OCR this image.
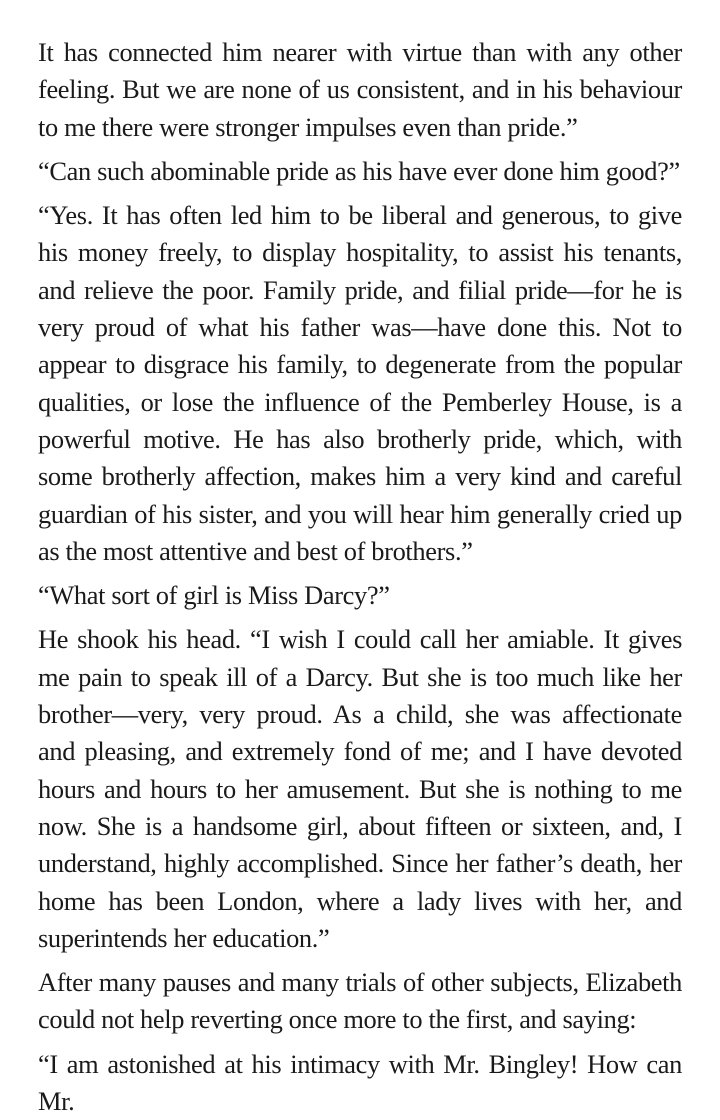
It has connected him nearer with virtue than with any other feeling. But we are none of us consistent, and in his behaviour to me there were stronger impulses even than pride.”

“Can such abominable pride as his have ever done him good?”

“Yes. It has often led him to be liberal and generous, to give his money freely, to display hospitality, to assist his tenants, and relieve the poor. Family pride, and filial pride—for he is very proud of what his father was—have done this. Not to appear to disgrace his family, to degenerate from the popular qualities, or lose the influence of the Pemberley House, is a powerful motive. He has also brotherly pride, which, with some brotherly affection, makes him a very kind and careful guardian of his sister, and you will hear him generally cried up as the most attentive and best of brothers.”

“What sort of girl is Miss Darcy?”

He shook his head. “I wish I could call her amiable. It gives me pain to speak ill of a Darcy. But she is too much like her brother—very, very proud. As a child, she was affectionate and pleasing, and extremely fond of me; and I have devoted hours and hours to her amusement. But she is nothing to me now. She is a handsome girl, about fifteen or sixteen, and, I understand, highly accomplished. Since her father’s death, her home has been London, where a lady lives with her, and superintends her education.”

After many pauses and many trials of other subjects, Elizabeth could not help reverting once more to the first, and saying:

“I am astonished at his intimacy with Mr. Bingley! How can Mr.
